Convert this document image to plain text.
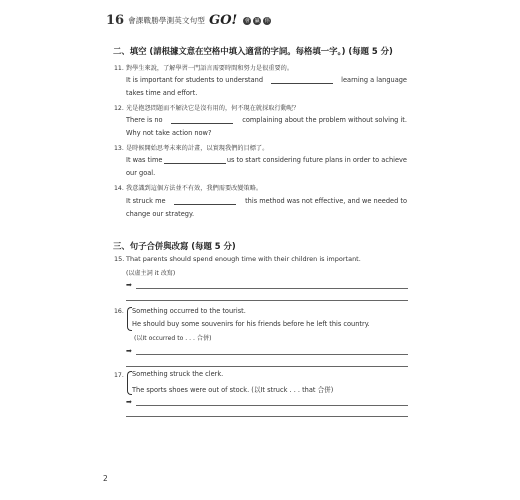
16 會課戰勝學測英文句型 GO! 會 贏 你
二、填空 (請根據文意在空格中填入適當的字詞。每格填一字。) (每題 5 分)
11. 對學生來說，了解學習一門語言需要時間和努力是很重要的。
It is important for students to understand	learning a language
takes time and effort.
12. 光是抱怨問題而不解決它是沒有用的，何不現在就採取行動呢？
There is no	complaining about the problem without solving it.
Why not take action now?
13. 是時候開始思考未來的計畫，以實現我們的目標了。
It was time	us to start considering future plans in order to achieve
our goal.
14. 我意識到這個方法並不有效，我們需要改變策略。
It struck me	this method was not effective, and we needed to
change our strategy.
三、句子合併與改寫 (每題 5 分)
15. That parents should spend enough time with their children is important.
(以虛主詞 it 改寫)
➡
16. Something occurred to the tourist.
He should buy some souvenirs for his friends before he left this country.
(以It occurred to . . . 合併)
➡
17. Something struck the clerk.
The sports shoes were out of stock. (以It struck . . . that 合併)
➡
2
